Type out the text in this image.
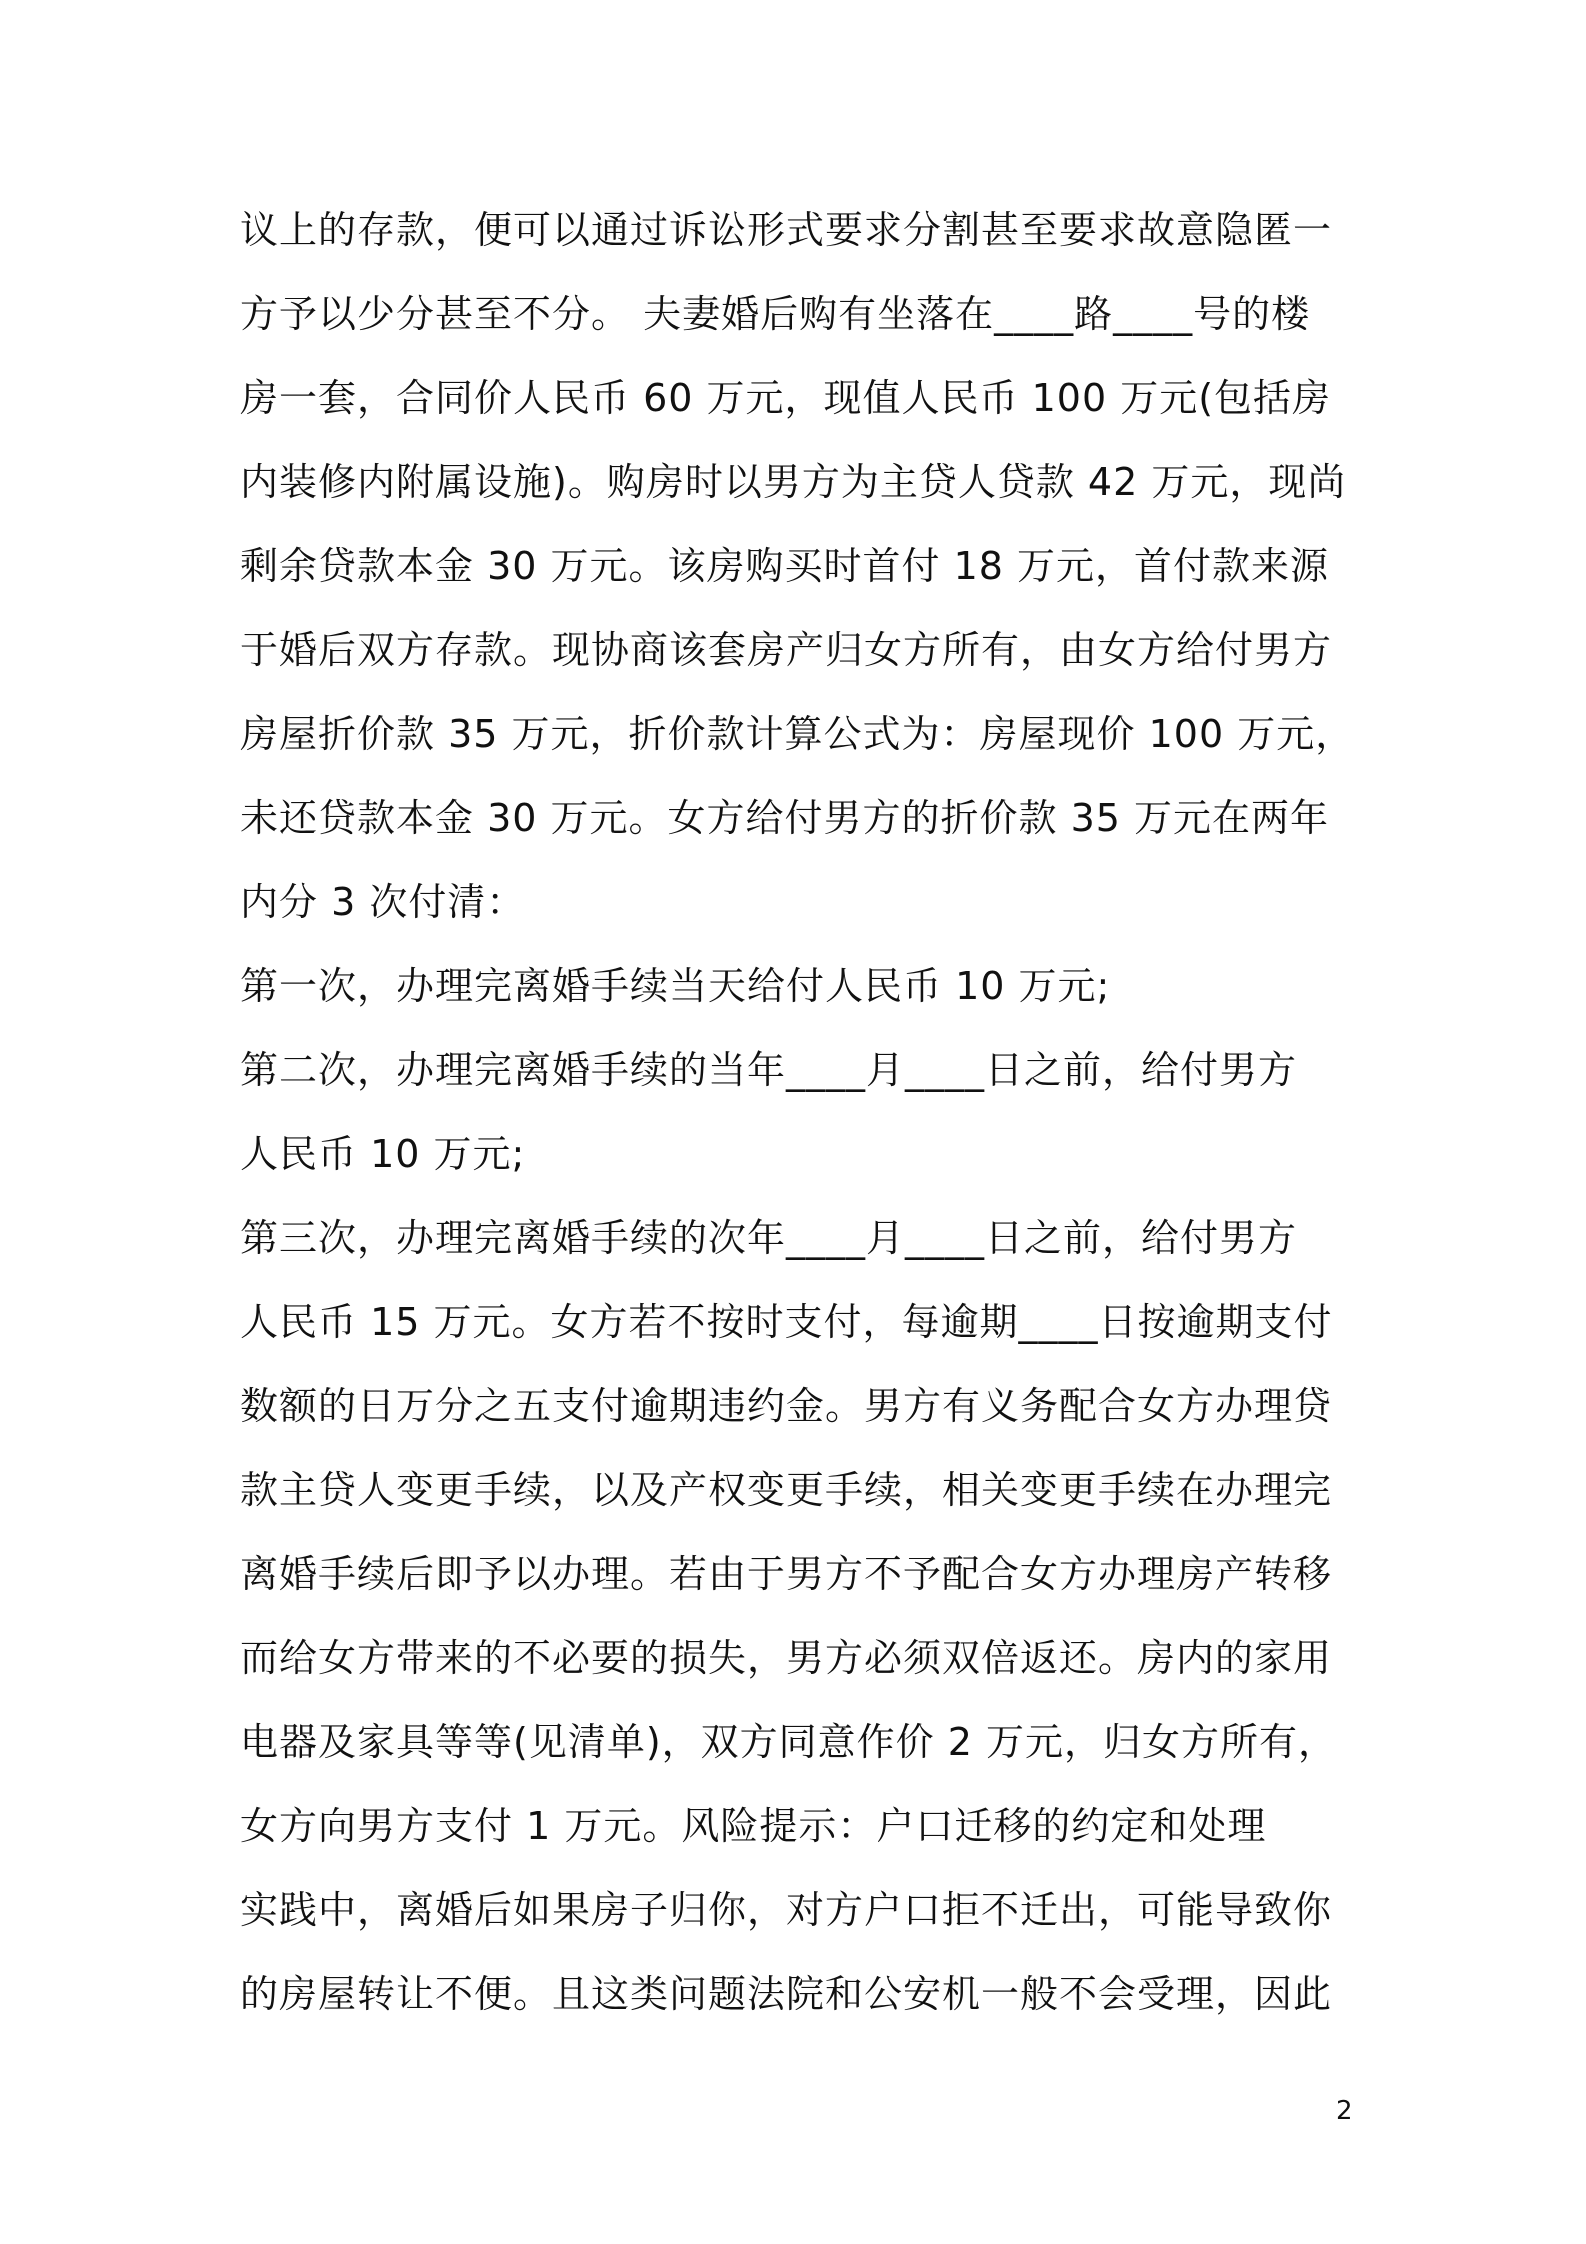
议上的存款，便可以通过诉讼形式要求分割甚至要求故意隐匿一
方予以少分甚至不分。 夫妻婚后购有坐落在____路____号的楼
房一套，合同价人民币 60 万元，现值人民币 100 万元(包括房
内装修内附属设施)。购房时以男方为主贷人贷款 42 万元，现尚
剩余贷款本金 30 万元。该房购买时首付 18 万元，首付款来源
于婚后双方存款。现协商该套房产归女方所有，由女方给付男方
房屋折价款 35 万元，折价款计算公式为：房屋现价 100 万元，
未还贷款本金 30 万元。女方给付男方的折价款 35 万元在两年
内分 3 次付清：
第一次，办理完离婚手续当天给付人民币 10 万元;
第二次，办理完离婚手续的当年____月____日之前，给付男方
人民币 10 万元;
第三次，办理完离婚手续的次年____月____日之前，给付男方
人民币 15 万元。女方若不按时支付，每逾期____日按逾期支付
数额的日万分之五支付逾期违约金。男方有义务配合女方办理贷
款主贷人变更手续，以及产权变更手续，相关变更手续在办理完
离婚手续后即予以办理。若由于男方不予配合女方办理房产转移
而给女方带来的不必要的损失，男方必须双倍返还。房内的家用
电器及家具等等(见清单)，双方同意作价 2 万元，归女方所有，
女方向男方支付 1 万元。风险提示：户口迁移的约定和处理
实践中，离婚后如果房子归你，对方户口拒不迁出，可能导致你
的房屋转让不便。且这类问题法院和公安机一般不会受理，因此
2
